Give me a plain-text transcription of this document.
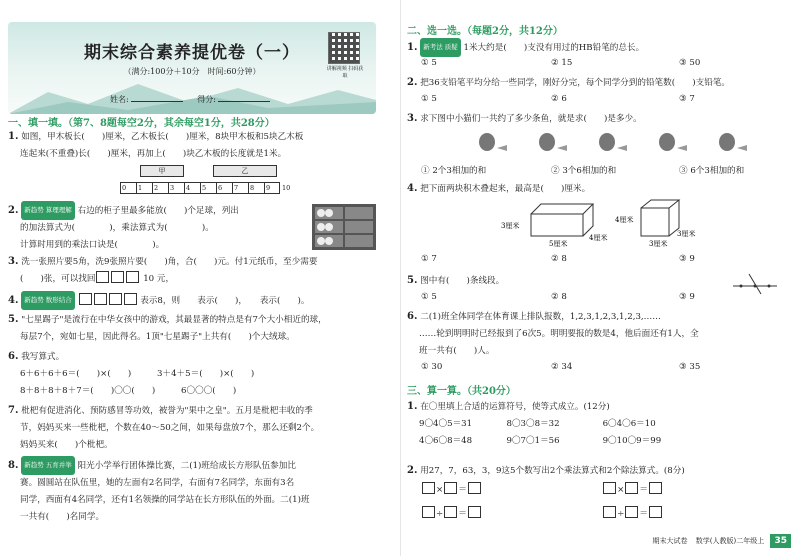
期末综合素养提优卷（一）
（满分:100分＋10分　时间:60分钟）	讲解视频 扫码获取
姓名:	得分:
一、填一填。（第7、8题每空2分，其余每空1分，共28分）
1. 如图，甲木板长(　　)厘米，乙木板长(　　)厘米，8块甲木板和5块乙木板
连起来(不重叠)长(　　)厘米，再加上(　　)块乙木板的长度就是1米。
甲	乙
0 1 2 3 4 5 6 7 8 9 10
2. 新趋势 算理理解 右边的柜子里最多能放(　　)个足球，列出
的加法算式为(　　　　)，乘法算式为(　　　　)。
计算时用到的乘法口诀是(　　　　)。
3. 洗一张照片要5角，洗9张照片要(　　)角，合(　　)元。付1元纸币，至少需要
(　　)张，可以找回	10 元，
4. 新趋势 数形结合	表示8，则　　表示(　　)，　　表示(　　)。
5. "七星踢子"是流行在中华女孩中的游戏，其最显著的特点是有7个大小相近的球，
每层7个，宛如七星，因此得名。1顶"七星踢子"上共有(　　)个大绒球。
6. 我写算式。
6＋6＋6＋6＝(　　)×(　　)　　　3＋4＋5＝(　　)×(　　)
8＋8＋8＋8＋7＝(　　)〇〇(　　)　　　6〇〇〇(　　)
7. 枇杷有促进消化、预防感冒等功效，被誉为"果中之皇"。五月是枇杷丰收的季
节，妈妈买来一些枇杷，个数在40～50之间，如果每盘放7个，那么还剩2个。
妈妈买来(　　)个枇杷。
8. 新趋势 五育并举 阳光小学举行团体操比赛，二(1)班给成长方形队伍参加比
赛。圆圆站在队伍里，她的左面有2名同学，右面有7名同学，东面有3名
同学，西面有4名同学，还有1名领操的同学站在长方形队伍的外面。二(1)班
一共有(　　)名同学。
二、选一选。（每题2分，共12分）
1. 新考法 质疑 1米大约是(　　)支没有用过的HB铅笔的总长。
① 5	② 15	③ 50
2. 把36支铅笔平均分给一些同学，刚好分完，每个同学分到的铅笔数(　　)支铅笔。
① 5	② 6	③ 7
3. 求下图中小猫们一共约了多少条鱼，就是求(　　)是多少。
① 2个3相加的和	② 3个6相加的和	③ 6个3相加的和
4. 把下面两块积木叠起来，最高是(　　)厘米。
3厘米
5厘米
4厘米
4厘米
3厘米
3厘米
① 7	② 8	③ 9
5. 图中有(　　)条线段。
① 5	② 8	③ 9
6. 二(1)班全体同学在体育课上排队报数，1,2,3,1,2,3,1,2,3,……
……轮到明明时已经报到了6次5。明明要报的数是4，他后面还有1人，全
班一共有(　　)人。
① 30	② 34	③ 35
三、算一算。（共20分）
1. 在〇里填上合适的运算符号，使等式成立。(12分)
9〇4〇5＝31　　　　8〇3〇8＝32　　　　　6〇4〇6＝10
4〇6〇8＝48　　　　9〇7〇1＝56　　　　　9〇10〇9＝99
2. 用27，7，63，3，9这5个数写出2个乘法算式和2个除法算式。(8分)
× ＝　　　　　　　　　　　　　　	× ＝
÷ ＝　　　　　　　　　　　　　　	÷ ＝
期末大试卷 数学(人教版)二年级上 35
